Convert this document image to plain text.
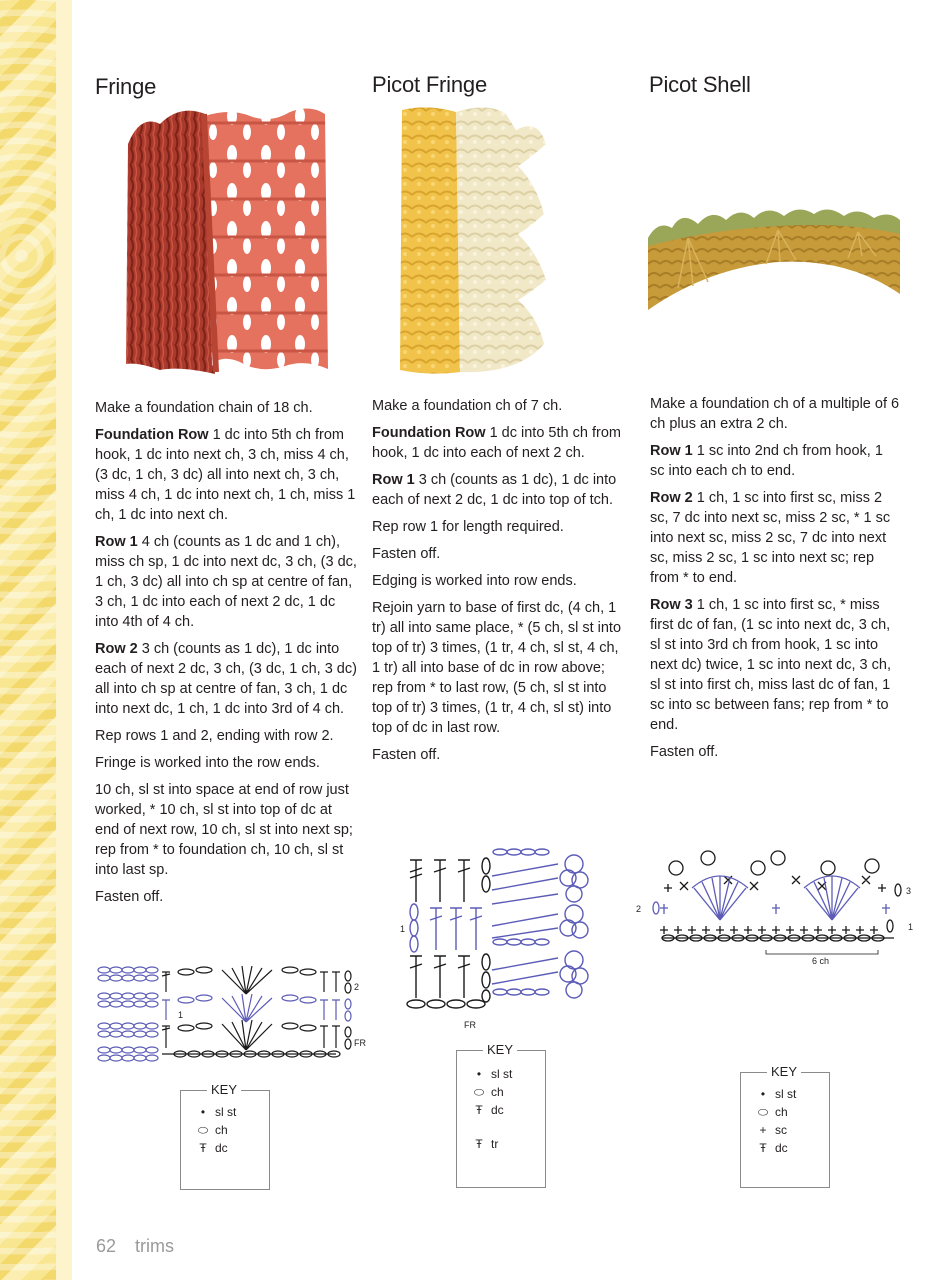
Fringe

Make a foundation chain of 18 ch.

Foundation Row 1 dc into 5th ch from hook, 1 dc into next ch, 3 ch, miss 4 ch, (3 dc, 1 ch, 3 dc) all into next ch, 3 ch, miss 4 ch, 1 dc into next ch, 1 ch, miss 1 ch, 1 dc into next ch.

Row 1 4 ch (counts as 1 dc and 1 ch), miss ch sp, 1 dc into next dc, 3 ch, (3 dc, 1 ch, 3 dc) all into ch sp at centre of fan, 3 ch, 1 dc into each of next 2 dc, 1 dc into 4th of 4 ch.

Row 2 3 ch (counts as 1 dc), 1 dc into each of next 2 dc, 3 ch, (3 dc, 1 ch, 3 dc) all into ch sp at centre of fan, 3 ch, 1 dc into next dc, 1 ch, 1 dc into 3rd of 4 ch.

Rep rows 1 and 2, ending with row 2.

Fringe is worked into the row ends.

10 ch, sl st into space at end of row just worked, * 10 ch, sl st into top of dc at end of next row, 10 ch, sl st into next sp; rep from * to foundation ch, 10 ch, sl st into last sp.

Fasten off.

2
1
FR
KEY
• sl st
⬭ ch
Ŧ dc
Picot Fringe

Make a foundation ch of 7 ch.

Foundation Row 1 dc into 5th ch from hook, 1 dc into each of next 2 ch.

Row 1 3 ch (counts as 1 dc), 1 dc into each of next 2 dc, 1 dc into top of tch.

Rep row 1 for length required.

Fasten off.

Edging is worked into row ends.

Rejoin yarn to base of first dc, (4 ch, 1 tr) all into same place, * (5 ch, sl st into top of tr) 3 times, (1 tr, 4 ch, sl st, 4 ch, 1 tr) all into base of dc in row above; rep from * to last row, (5 ch, sl st into top of tr) 3 times, (1 tr, 4 ch, sl st) into top of dc in last row.

Fasten off.

1
FR
KEY
• sl st
⬭ ch
Ŧ dc
Ŧ tr
Picot Shell

Make a foundation ch of a multiple of 6 ch plus an extra 2 ch.

Row 1 1 sc into 2nd ch from hook, 1 sc into each ch to end.

Row 2 1 ch, 1 sc into first sc, miss 2 sc, 7 dc into next sc, miss 2 sc, * 1 sc into next sc, miss 2 sc, 7 dc into next sc, miss 2 sc, 1 sc into next sc; rep from * to end.

Row 3 1 ch, 1 sc into first sc, * miss first dc of fan, (1 sc into next dc, 3 ch, sl st into 3rd ch from hook, 1 sc into next dc) twice, 1 sc into next dc, 3 ch, sl st into first ch, miss last dc of fan, 1 sc into sc between fans; rep from * to end.

Fasten off.

3
2
1
6 ch
KEY
• sl st
⬭ ch
+ sc
Ŧ dc
62 trims
